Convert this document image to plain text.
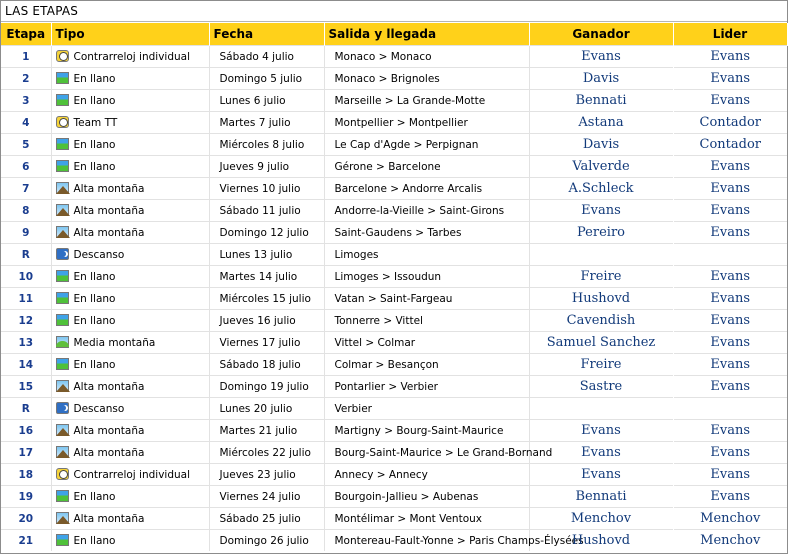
LAS ETAPAS
Etapa	Tipo	Fecha	Salida y llegada	Ganador	Lider
1	Contrarreloj individual	Sábado 4 julio	Monaco > Monaco	Evans	Evans
2	En llano	Domingo 5 julio	Monaco > Brignoles	Davis	Evans
3	En llano	Lunes 6 julio	Marseille > La Grande-Motte	Bennati	Evans
4	Team TT	Martes 7 julio	Montpellier > Montpellier	Astana	Contador
5	En llano	Miércoles 8 julio	Le Cap d'Agde > Perpignan	Davis	Contador
6	En llano	Jueves 9 julio	Gérone > Barcelone	Valverde	Evans
7	Alta montaña	Viernes 10 julio	Barcelone > Andorre Arcalis	A.Schleck	Evans
8	Alta montaña	Sábado 11 julio	Andorre-la-Vieille > Saint-Girons	Evans	Evans
9	Alta montaña	Domingo 12 julio	Saint-Gaudens > Tarbes	Pereiro	Evans
R	Descanso	Lunes 13 julio	Limoges		
10	En llano	Martes 14 julio	Limoges > Issoudun	Freire	Evans
11	En llano	Miércoles 15 julio	Vatan > Saint-Fargeau	Hushovd	Evans
12	En llano	Jueves 16 julio	Tonnerre > Vittel	Cavendish	Evans
13	Media montaña	Viernes 17 julio	Vittel > Colmar	Samuel Sanchez	Evans
14	En llano	Sábado 18 julio	Colmar > Besançon	Freire	Evans
15	Alta montaña	Domingo 19 julio	Pontarlier > Verbier	Sastre	Evans
R	Descanso	Lunes 20 julio	Verbier		
16	Alta montaña	Martes 21 julio	Martigny > Bourg-Saint-Maurice	Evans	Evans
17	Alta montaña	Miércoles 22 julio	Bourg-Saint-Maurice > Le Grand-Bornand	Evans	Evans
18	Contrarreloj individual	Jueves 23 julio	Annecy > Annecy	Evans	Evans
19	En llano	Viernes 24 julio	Bourgoin-Jallieu > Aubenas	Bennati	Evans
20	Alta montaña	Sábado 25 julio	Montélimar > Mont Ventoux	Menchov	Menchov
21	En llano	Domingo 26 julio	Montereau-Fault-Yonne > Paris Champs-Élysées	Hushovd	Menchov
